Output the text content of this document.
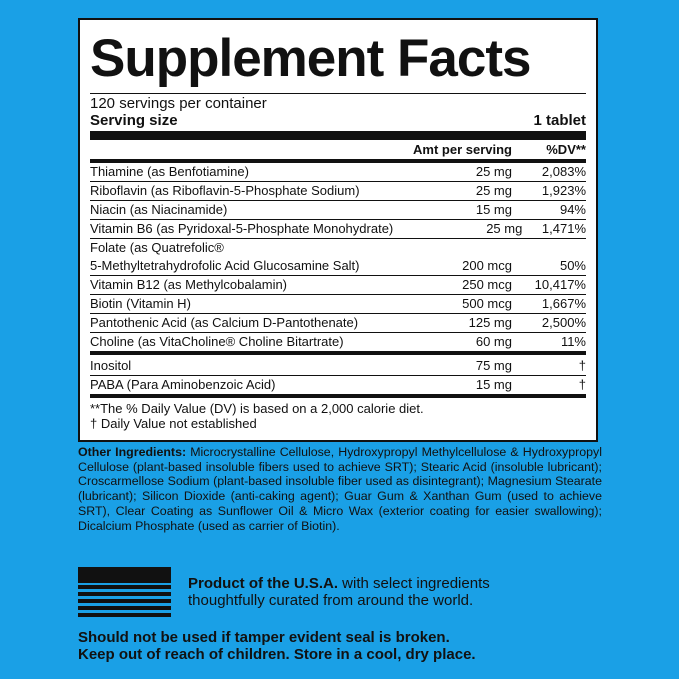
Supplement Facts
120 servings per container
Serving size	1 tablet
Amt per serving	%DV**
Thiamine (as Benfotiamine)	25 mg	2,083%
Riboflavin (as Riboflavin-5-Phosphate Sodium)	25 mg	1,923%
Niacin (as Niacinamide)	15 mg	94%
Vitamin B6 (as Pyridoxal-5-Phosphate Monohydrate)	25 mg	1,471%
Folate (as Quatrefolic®
5-Methyltetrahydrofolic Acid Glucosamine Salt)	200 mcg	50%
Vitamin B12 (as Methylcobalamin)	250 mcg	10,417%
Biotin (Vitamin H)	500 mcg	1,667%
Pantothenic Acid (as Calcium D-Pantothenate)	125 mg	2,500%
Choline (as VitaCholine® Choline Bitartrate)	60 mg	11%
Inositol	75 mg	†
PABA (Para Aminobenzoic Acid)	15 mg	†
**The % Daily Value (DV) is based on a 2,000 calorie diet.
† Daily Value not established
Other Ingredients: Microcrystalline Cellulose, Hydroxypropyl Methylcellulose & Hydroxypropyl Cellulose (plant-based insoluble fibers used to achieve SRT); Stearic Acid (insoluble lubricant); Croscarmellose Sodium (plant-based insoluble fiber used as disintegrant); Magnesium Stearate (lubricant); Silicon Dioxide (anti-caking agent); Guar Gum & Xanthan Gum (used to achieve SRT), Clear Coating as Sunflower Oil & Micro Wax (exterior coating for easier swallowing); Dicalcium Phosphate (used as carrier of Biotin).
Product of the U.S.A. with select ingredients
thoughtfully curated from around the world.
Should not be used if tamper evident seal is broken.
Keep out of reach of children. Store in a cool, dry place.
